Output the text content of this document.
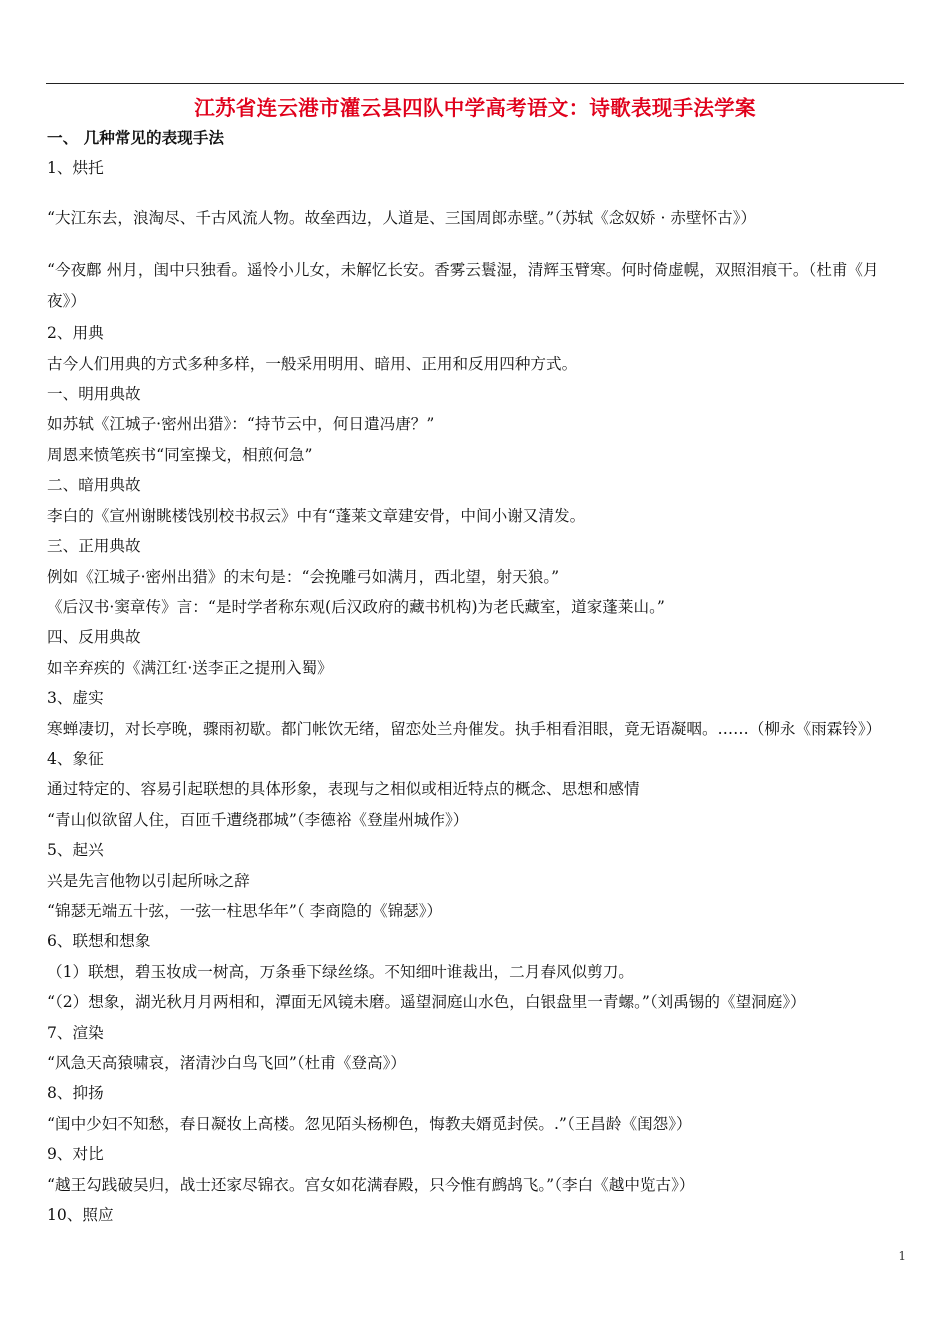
江苏省连云港市灌云县四队中学高考语文：诗歌表现手法学案
一、 几种常见的表现手法
1、烘托
“大江东去，浪淘尽、千古风流人物。故垒西边，人道是、三国周郎赤壁。”（苏轼《念奴娇 · 赤壁怀古》）
“今夜鄜 州月，闺中只独看。遥怜小儿女，未解忆长安。香雾云鬟湿，清辉玉臂寒。何时倚虚幌，双照泪痕干。（杜甫《月
夜》）
2、用典
古今人们用典的方式多种多样，一般采用明用、暗用、正用和反用四种方式。
一、明用典故
如苏轼《江城子·密州出猎》：“持节云中，何日遣冯唐？”
周恩来愤笔疾书“同室操戈，相煎何急”
二、暗用典故
李白的《宣州谢眺楼饯别校书叔云》中有“蓬莱文章建安骨，中间小谢又清发。
三、正用典故
例如《江城子·密州出猎》的末句是：“会挽雕弓如满月，西北望，射天狼。”
《后汉书·窦章传》言：“是时学者称东观(后汉政府的藏书机构)为老氏藏室，道家蓬莱山。”
四、反用典故
如辛弃疾的《满江红·送李正之提刑入蜀》
3、虚实
寒蝉凄切，对长亭晚，骤雨初歇。都门帐饮无绪，留恋处兰舟催发。执手相看泪眼，竟无语凝咽。……（柳永《雨霖铃》）
4、象征
通过特定的、容易引起联想的具体形象，表现与之相似或相近特点的概念、思想和感情
“青山似欲留人住，百匝千遭绕郡城”（李德裕《登崖州城作》）
5、起兴
兴是先言他物以引起所咏之辞
“锦瑟无端五十弦，一弦一柱思华年”（ 李商隐的《锦瑟》）
6、联想和想象
（1）联想，碧玉妆成一树高，万条垂下绿丝绦。不知细叶谁裁出，二月春风似剪刀。
“（2）想象，湖光秋月月两相和，潭面无风镜未磨。遥望洞庭山水色，白银盘里一青螺。”（刘禹锡的《望洞庭》）
7、渲染
“风急天高猿啸哀，渚清沙白鸟飞回”（杜甫《登高》）
8、抑扬
“闺中少妇不知愁，春日凝妆上高楼。忽见陌头杨柳色，悔教夫婿觅封侯。.”（王昌龄《闺怨》）
9、对比
“越王勾践破吴归，战士还家尽锦衣。宫女如花满春殿，只今惟有鹧鸪飞。”（李白《越中览古》）
10、照应
1
